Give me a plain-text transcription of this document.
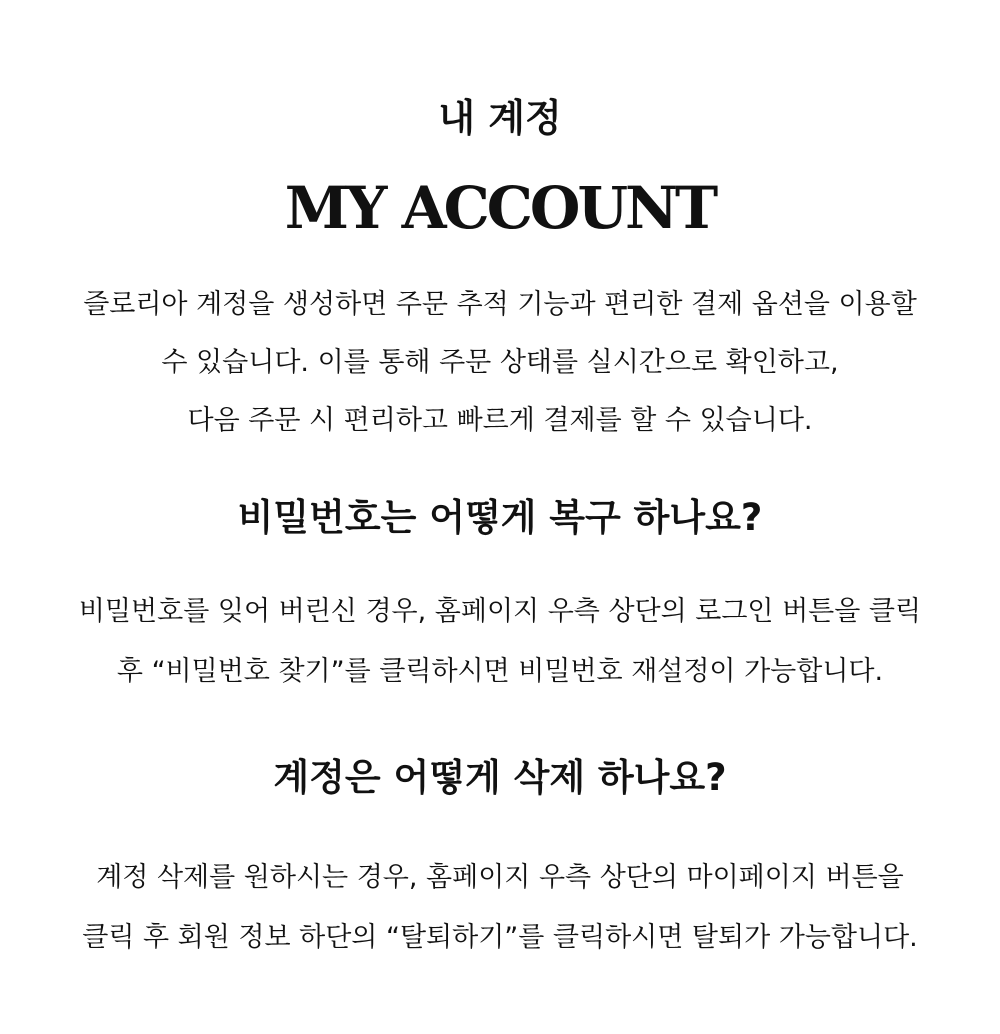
내 계정
MY ACCOUNT

즐로리아 계정을 생성하면 주문 추적 기능과 편리한 결제 옵션을 이용할
수 있습니다. 이를 통해 주문 상태를 실시간으로 확인하고,
다음 주문 시 편리하고 빠르게 결제를 할 수 있습니다.

비밀번호는 어떻게 복구 하나요?

비밀번호를 잊어 버린신 경우, 홈페이지 우측 상단의 로그인 버튼을 클릭
후 “비밀번호 찾기”를 클릭하시면 비밀번호 재설정이 가능합니다.

계정은 어떻게 삭제 하나요?

계정 삭제를 원하시는 경우, 홈페이지 우측 상단의 마이페이지 버튼을
클릭 후 회원 정보 하단의 “탈퇴하기”를 클릭하시면 탈퇴가 가능합니다.
